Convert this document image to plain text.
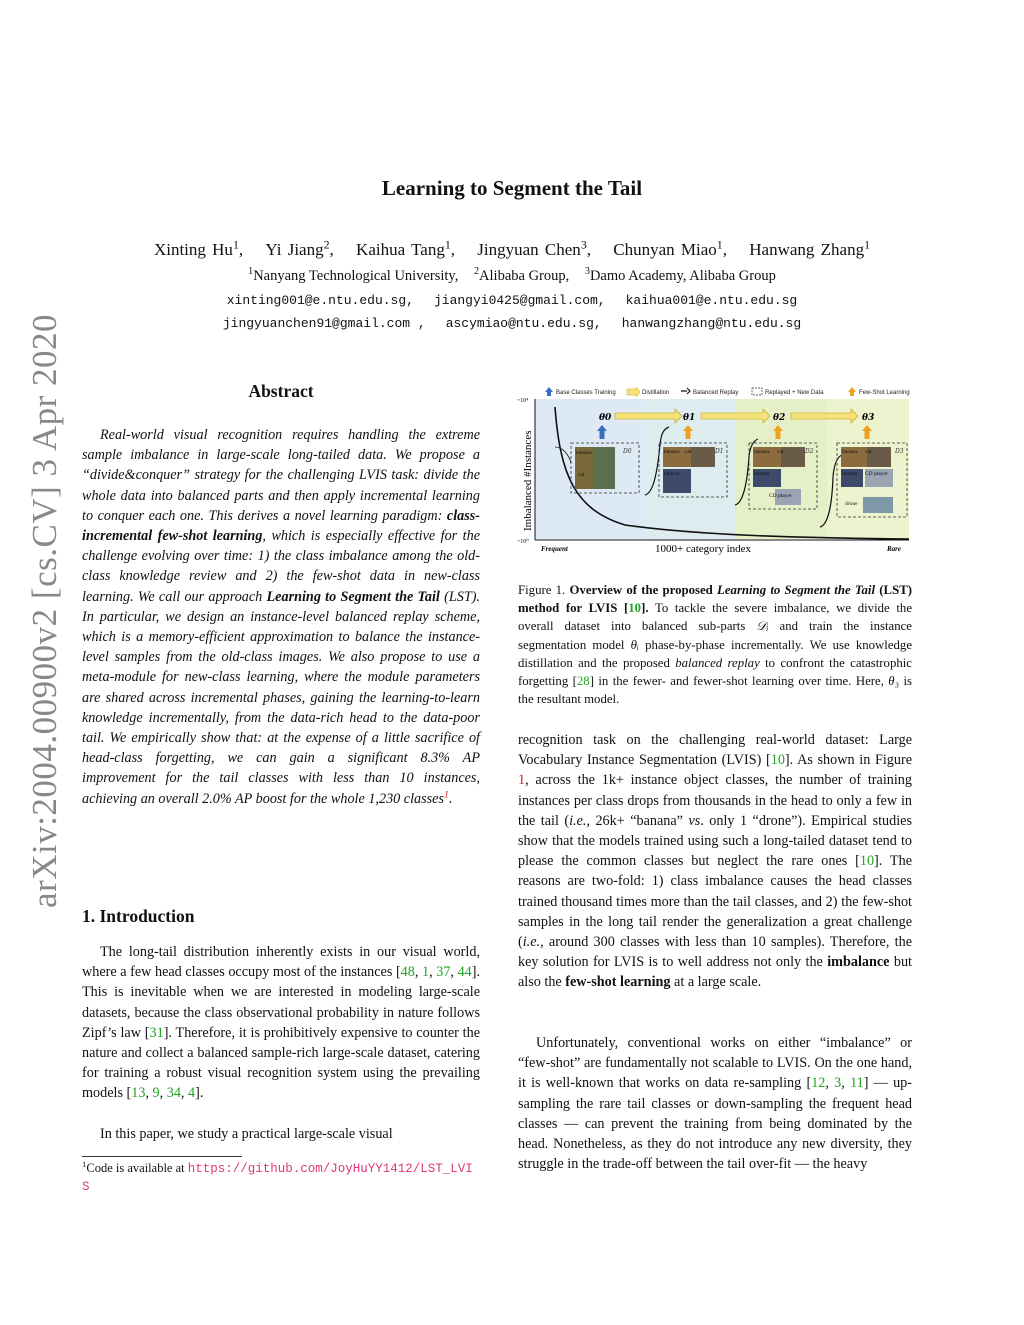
Learning to Segment the Tail
Xinting Hu$^1$, Yi Jiang$^2$, Kaihua Tang$^1$, Jingyuan Chen$^3$, Chunyan Miao$^1$, Hanwang Zhang$^1$
$^1$Nanyang Technological University, $^2$Alibaba Group, $^3$Damo Academy, Alibaba Group
xinting001@e.ntu.edu.sg, jiangyi0425@gmail.com, kaihua001@e.ntu.edu.sg
jingyuanchen91@gmail.com , ascymiao@ntu.edu.sg, hanwangzhang@ntu.edu.sg
arXiv:2004.00900v2 [cs.CV] 3 Apr 2020	Abstract
Real-world visual recognition requires handling the extreme sample imbalance in large-scale long-tailed data. We propose a “divide&conquer” strategy for the challenging LVIS task: divide the whole data into balanced parts and then apply incremental learning to conquer each one. This derives a novel learning paradigm: class-incremental few-shot learning, which is especially effective for the challenge evolving over time: 1) the class imbalance among the old-class knowledge review and 2) the few-shot data in new-class learning. We call our approach Learning to Segment the Tail (LST). In particular, we design an instance-level balanced replay scheme, which is a memory-efficient approximation to balance the instance-level samples from the old-class images. We also propose to use a meta-module for new-class learning, where the module parameters are shared across incremental phases, gaining the learning-to-learn knowledge incrementally, from the data-rich head to the data-poor tail. We empirically show that: at the expense of a little sacrifice of head-class forgetting, we can gain a significant 8.3% AP improvement for the tail classes with less than 10 instances, achieving an overall 2.0% AP boost for the whole 1,230 classes$^1$.
1. Introduction
The long-tail distribution inherently exists in our visual world, where a few head classes occupy most of the instances [48, 1, 37, 44]. This is inevitable when we are interested in modeling large-scale datasets, because the class observational probability in nature follows Zipf’s law [31]. Therefore, it is prohibitively expensive to counter the nature and collect a balanced sample-rich large-scale dataset, catering for training a robust visual recognition system using the prevailing models [13, 9, 34, 4].
In this paper, we study a practical large-scale visual
$^1$Code is available at https://github.com/JoyHuYY1412/LST_LVIS
Base Classes Training	Distillation	Balanced Replay	Replayed + New Data	Few-Shot Learning
~10⁴
~10⁰
Imbalanced #Instances
Frequent	1000+ category index	Rare
θ0	θ1	θ2	θ3
banana
cat
banana cat
lantern
banana cat
lantern
CD player
banana cat
lantern CD player
drone
D0	D1	D2	D3
Figure 1. Overview of the proposed Learning to Segment the Tail (LST) method for LVIS [10]. To tackle the severe imbalance, we divide the overall dataset into balanced sub-parts 𝒟ᵢ and train the instance segmentation model θᵢ phase-by-phase incrementally. We use knowledge distillation and the proposed balanced replay to confront the catastrophic forgetting [28] in the fewer- and fewer-shot learning over time. Here, θ₃ is the resultant model.
recognition task on the challenging real-world dataset: Large Vocabulary Instance Segmentation (LVIS) [10]. As shown in Figure 1, across the 1k+ instance object classes, the number of training instances per class drops from thousands in the head to only a few in the tail (i.e., 26k+ “banana” vs. only 1 “drone”). Empirical studies show that the models trained using such a long-tailed dataset tend to please the common classes but neglect the rare ones [10]. The reasons are two-fold: 1) class imbalance causes the head classes trained thousand times more than the tail classes, and 2) the few-shot samples in the long tail render the generalization a great challenge (i.e., around 300 classes with less than 10 samples). Therefore, the key solution for LVIS is to well address not only the imbalance but also the few-shot learning at a large scale.
Unfortunately, conventional works on either “imbalance” or “few-shot” are fundamentally not scalable to LVIS. On the one hand, it is well-known that works on data re-sampling [12, 3, 11] — up-sampling the rare tail classes or down-sampling the frequent head classes — can prevent the training from being dominated by the head. Nonetheless, as they do not introduce any new diversity, they struggle in the trade-off between the tail over-fit — the heavy
